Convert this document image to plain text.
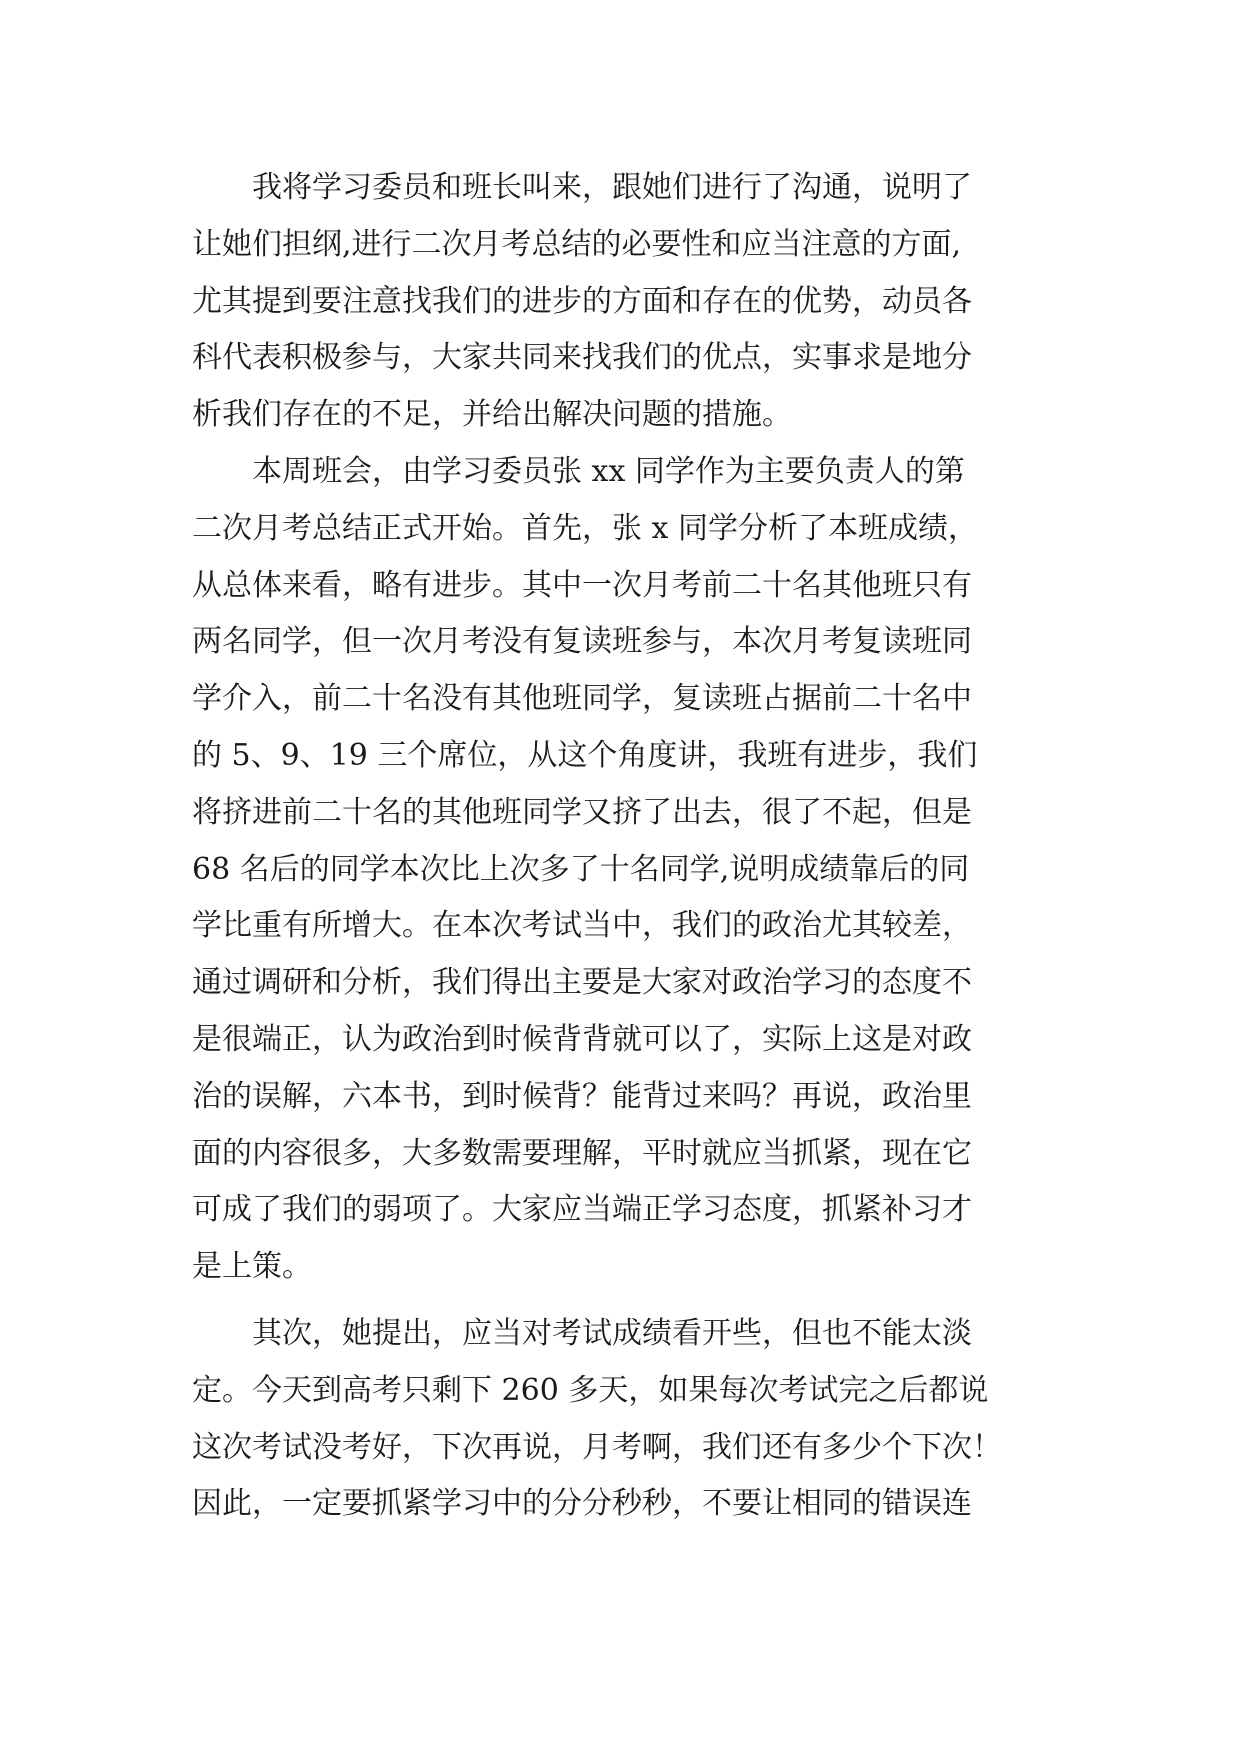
我将学习委员和班长叫来，跟她们进行了沟通，说明了
让她们担纲,进行二次月考总结的必要性和应当注意的方面,
尤其提到要注意找我们的进步的方面和存在的优势，动员各
科代表积极参与，大家共同来找我们的优点，实事求是地分
析我们存在的不足，并给出解决问题的措施。
本周班会，由学习委员张 xx 同学作为主要负责人的第
二次月考总结正式开始。首先，张 x 同学分析了本班成绩，
从总体来看，略有进步。其中一次月考前二十名其他班只有
两名同学，但一次月考没有复读班参与，本次月考复读班同
学介入，前二十名没有其他班同学，复读班占据前二十名中
的 5、9、19 三个席位，从这个角度讲，我班有进步，我们
将挤进前二十名的其他班同学又挤了出去，很了不起，但是
68 名后的同学本次比上次多了十名同学,说明成绩靠后的同
学比重有所增大。在本次考试当中，我们的政治尤其较差，
通过调研和分析，我们得出主要是大家对政治学习的态度不
是很端正，认为政治到时候背背就可以了，实际上这是对政
治的误解，六本书，到时候背？能背过来吗？再说，政治里
面的内容很多，大多数需要理解，平时就应当抓紧，现在它
可成了我们的弱项了。大家应当端正学习态度，抓紧补习才
是上策。
其次，她提出，应当对考试成绩看开些，但也不能太淡
定。今天到高考只剩下 260 多天，如果每次考试完之后都说
这次考试没考好，下次再说，月考啊，我们还有多少个下次！
因此，一定要抓紧学习中的分分秒秒，不要让相同的错误连
